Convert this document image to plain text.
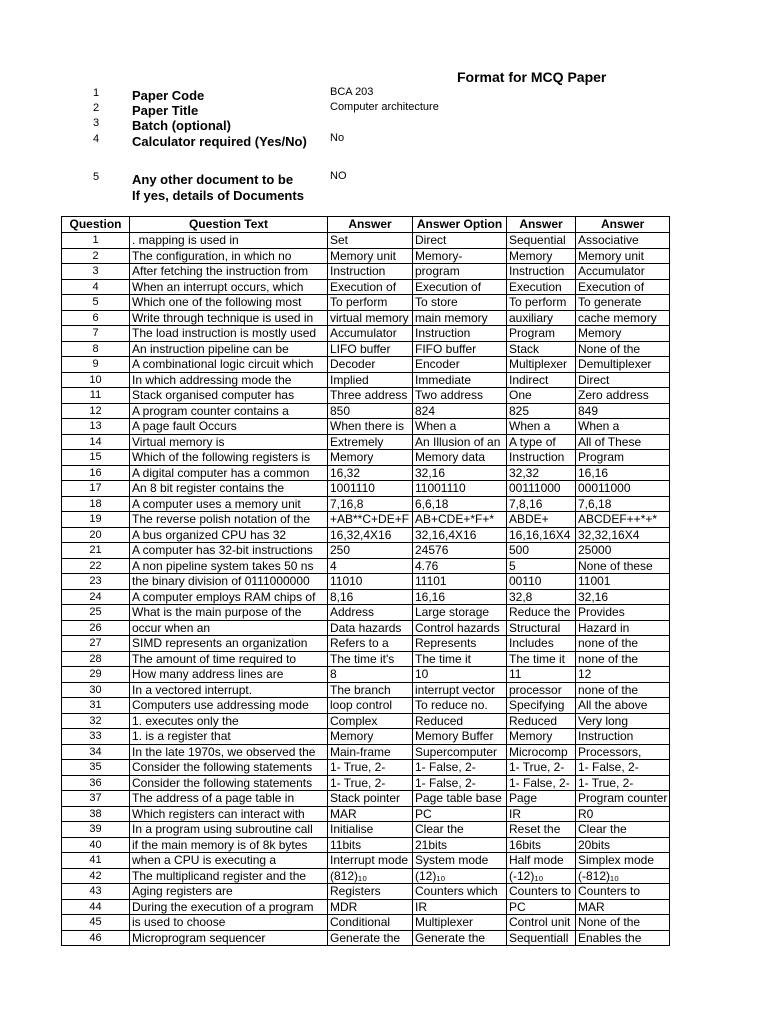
Format for MCQ Paper
1	Paper Code	BCA 203
2	Paper Title	Computer architecture
3	Batch (optional)
4	Calculator required (Yes/No) No
5	Any other document to be
If yes, details of Documents
NO
Question	Question Text	Answer	Answer Option	Answer	Answer
1	. mapping is used in	Set	Direct	Sequential	Associative
2	The configuration, in which no	Memory unit	Memory-	Memory	Memory unit
3	After fetching the instruction from	Instruction	program	Instruction	Accumulator
4	When an interrupt occurs, which	Execution of	Execution of	Execution	Execution of
5	Which one of the following most	To perform	To store	To perform	To generate
6	Write through technique is used in	virtual memory	main memory	auxiliary	cache memory
7	The load instruction is mostly used	Accumulator	Instruction	Program	Memory
8	An instruction pipeline can be	LIFO buffer	FIFO buffer	Stack	None of the
9	A combinational logic circuit which	Decoder	Encoder	Multiplexer	Demultiplexer
10	In which addressing mode the	Implied	Immediate	Indirect	Direct
11	Stack organised computer has	Three address	Two address	One	Zero address
12	A program counter contains a	850	824	825	849
13	A page fault Occurs	When there is	When a	When a	When a
14	Virtual memory is	Extremely	An Illusion of an	A type of	All of These
15	Which of the following registers is	Memory	Memory data	Instruction	Program
16	A digital computer has a common	16,32	32,16	32,32	16,16
17	An 8 bit register contains the	1001110	11001110	00111000	00011000
18	A computer uses a memory unit	7,16,8	6,6,18	7,8,16	7,6,18
19	The reverse polish notation of the	+AB**C+DE+F	AB+CDE+*F+*	ABDE+	ABCDEF++*+*
20	A bus organized CPU has 32	16,32,4X16	32,16,4X16	16,16,16X4	32,32,16X4
21	A computer has 32-bit instructions	250	24576	500	25000
22	A non pipeline system takes 50 ns	4	4.76	5	None of these
23	the binary division of 0111000000	11010	11101	00110	11001
24	A computer employs RAM chips of	8,16	16,16	32,8	32,16
25	What is the main purpose of the	Address	Large storage	Reduce the	Provides
26	occur when an	Data hazards	Control hazards	Structural	Hazard in
27	SIMD represents an organization	Refers to a	Represents	Includes	none of the
28	The amount of time required to	The time it's	The time it	The time it	none of the
29	How many address lines are	8	10	11	12
30	In a vectored interrupt.	The branch	interrupt vector	processor	none of the
31	Computers use addressing mode	loop control	To reduce no.	Specifying	All the above
32	1. executes only the	Complex	Reduced	Reduced	Very long
33	1. is a register that	Memory	Memory Buffer	Memory	Instruction
34	In the late 1970s, we observed the	Main-frame	Supercomputer	Microcomp	Processors,
35	Consider the following statements	1- True, 2-	1- False, 2-	1- True, 2-	1- False, 2-
36	Consider the following statements	1- True, 2-	1- False, 2-	1- False, 2-	1- True, 2-
37	The address of a page table in	Stack pointer	Page table base	Page	Program counter
38	Which registers can interact with	MAR	PC	IR	R0
39	In a program using subroutine call	Initialise	Clear the	Reset the	Clear the
40	if the main memory is of 8k bytes	11bits	21bits	16bits	20bits
41	when a CPU is executing a	Interrupt mode	System mode	Half mode	Simplex mode
42	The multiplicand register and the	(812)₁₀	(12)₁₀	(-12)₁₀	(-812)₁₀
43	Aging registers are	Registers	Counters which	Counters to	Counters to
44	During the execution of a program	MDR	IR	PC	MAR
45	is used to choose	Conditional	Multiplexer	Control unit	None of the
46	Microprogram sequencer	Generate the	Generate the	Sequentiall	Enables the
